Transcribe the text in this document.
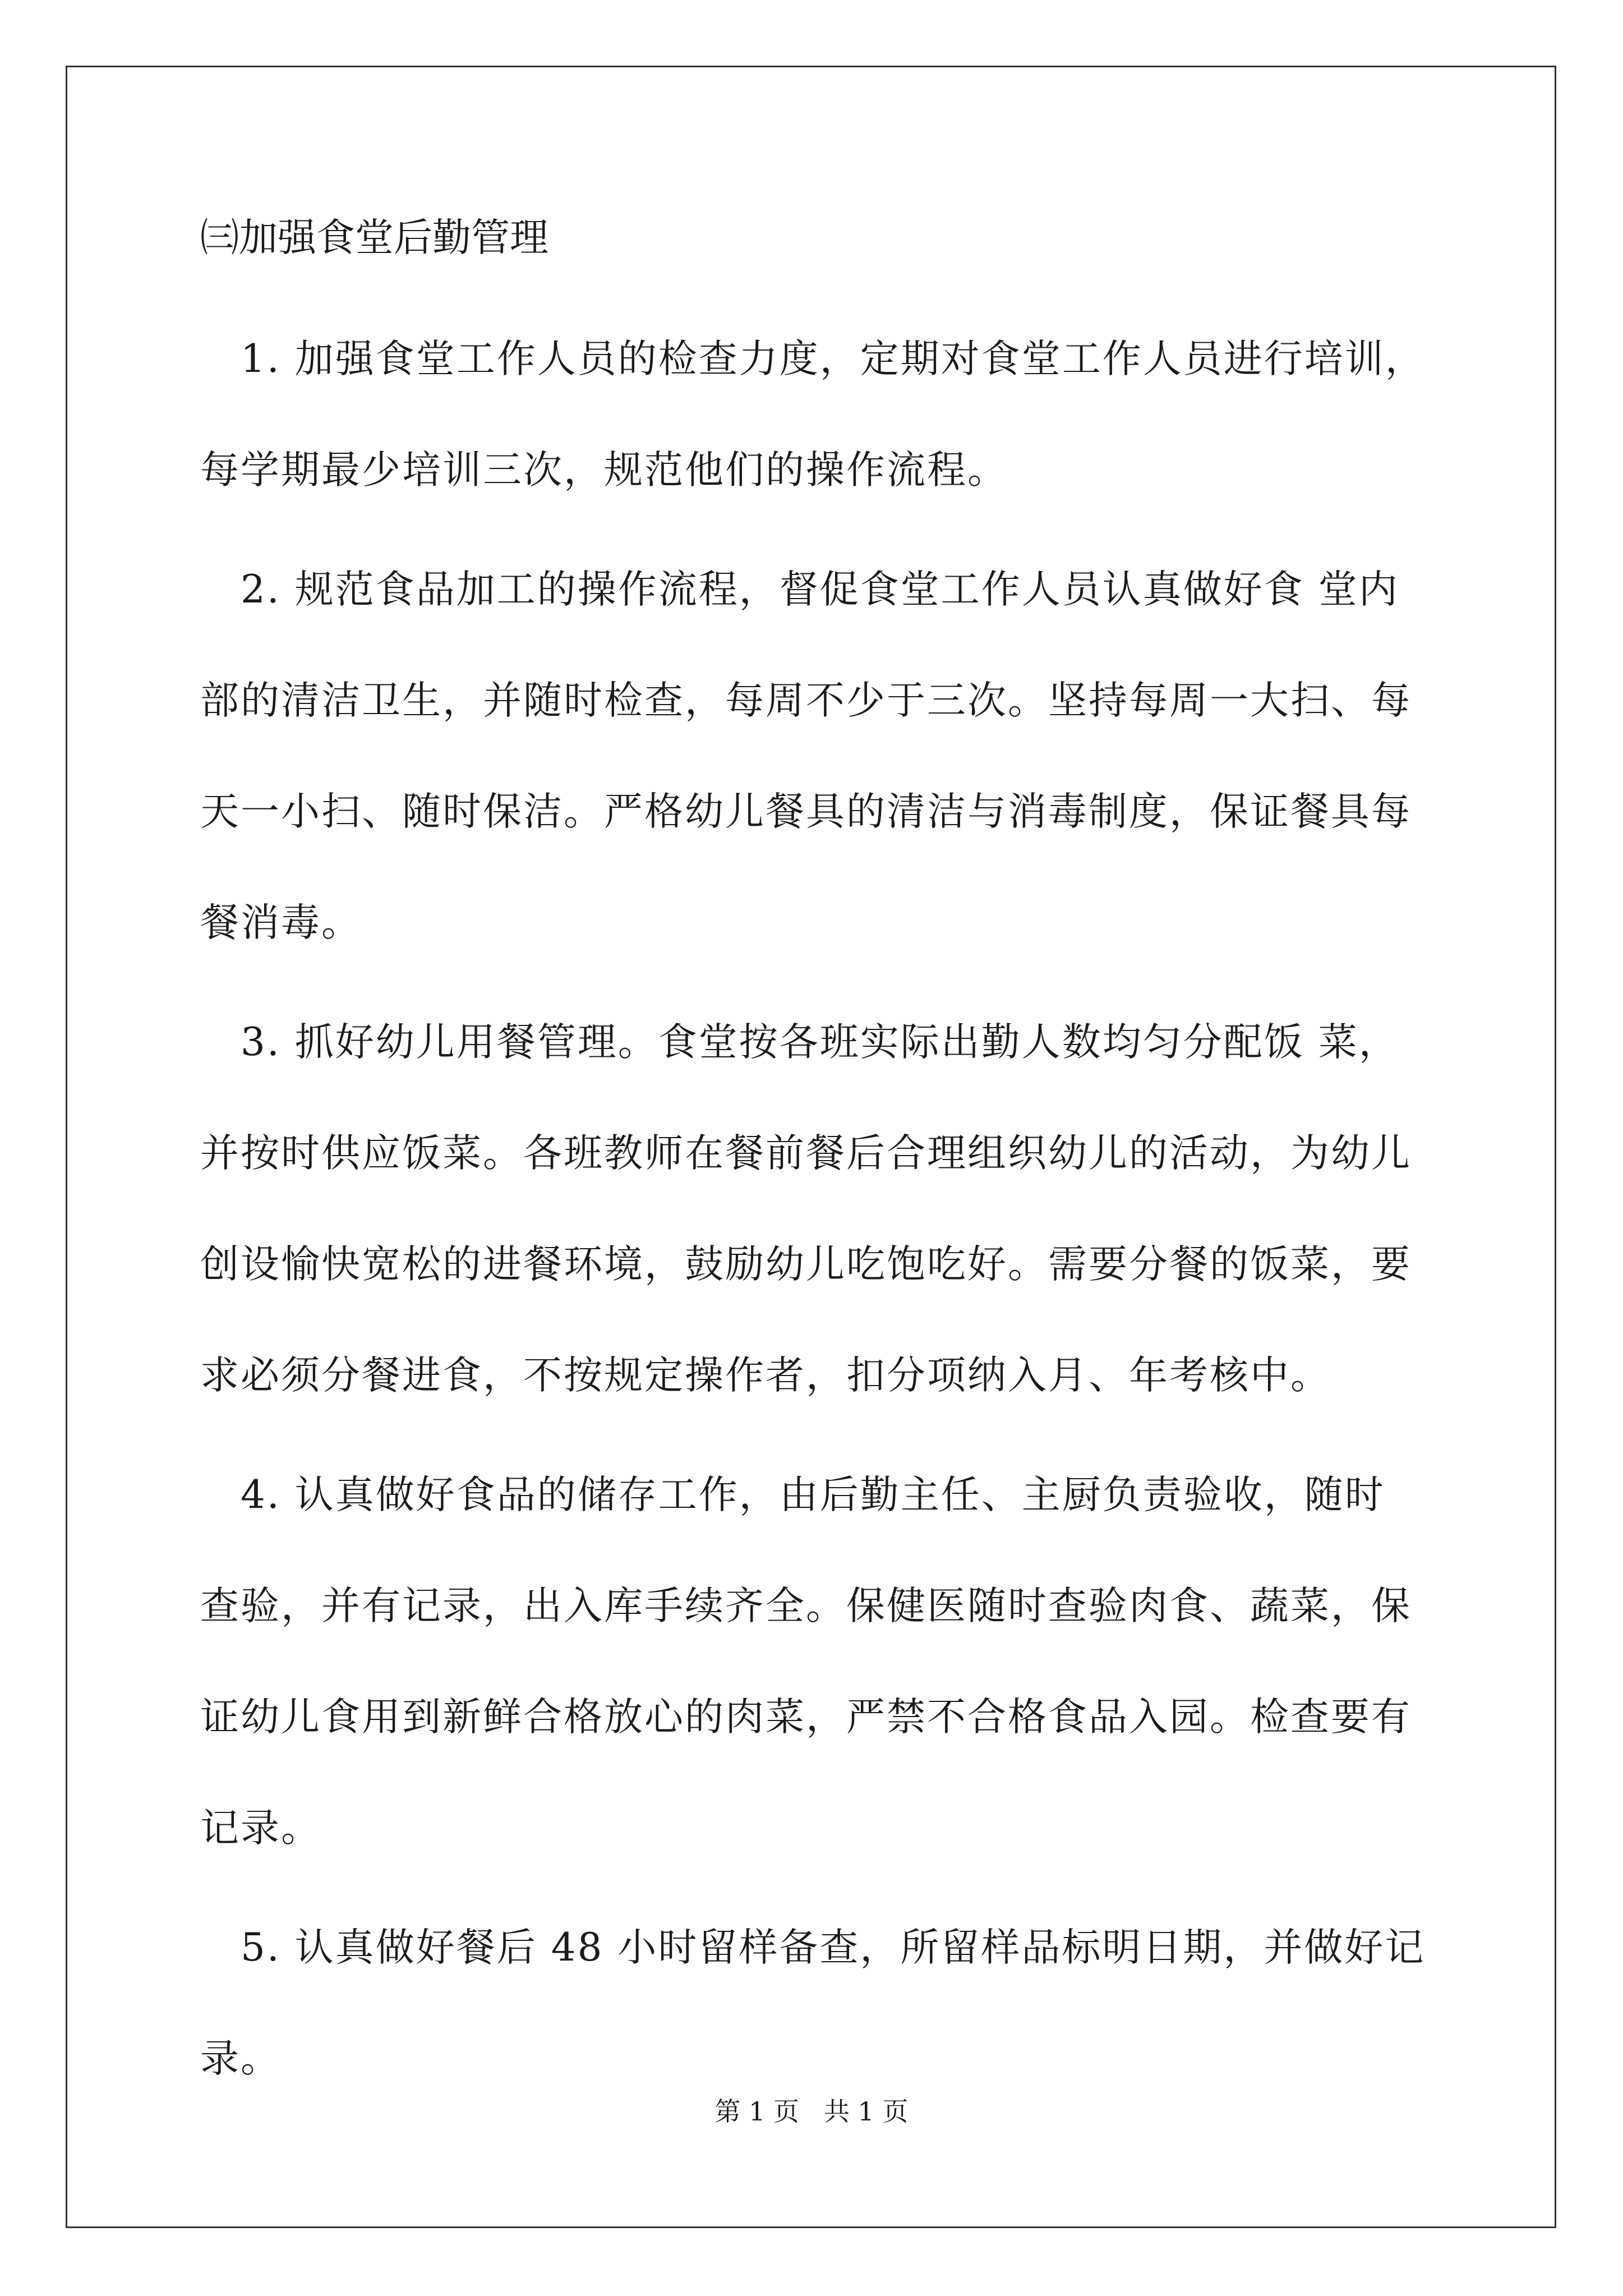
㈢加强食堂后勤管理
　1. 加强食堂工作人员的检查力度，定期对食堂工作人员进行培训，
每学期最少培训三次，规范他们的操作流程。
　2. 规范食品加工的操作流程，督促食堂工作人员认真做好食 堂内
部的清洁卫生，并随时检查，每周不少于三次。坚持每周一大扫、每
天一小扫、随时保洁。严格幼儿餐具的清洁与消毒制度，保证餐具每
餐消毒。
　3. 抓好幼儿用餐管理。食堂按各班实际出勤人数均匀分配饭 菜，
并按时供应饭菜。各班教师在餐前餐后合理组织幼儿的活动，为幼儿
创设愉快宽松的进餐环境，鼓励幼儿吃饱吃好。需要分餐的饭菜，要
求必须分餐进食，不按规定操作者，扣分项纳入月、年考核中。
　4. 认真做好食品的储存工作，由后勤主任、主厨负责验收，随时
查验，并有记录，出入库手续齐全。保健医随时查验肉食、蔬菜，保
证幼儿食用到新鲜合格放心的肉菜，严禁不合格食品入园。检查要有
记录。
　5. 认真做好餐后 48 小时留样备查，所留样品标明日期，并做好记
录。
第 1 页 共 1 页
